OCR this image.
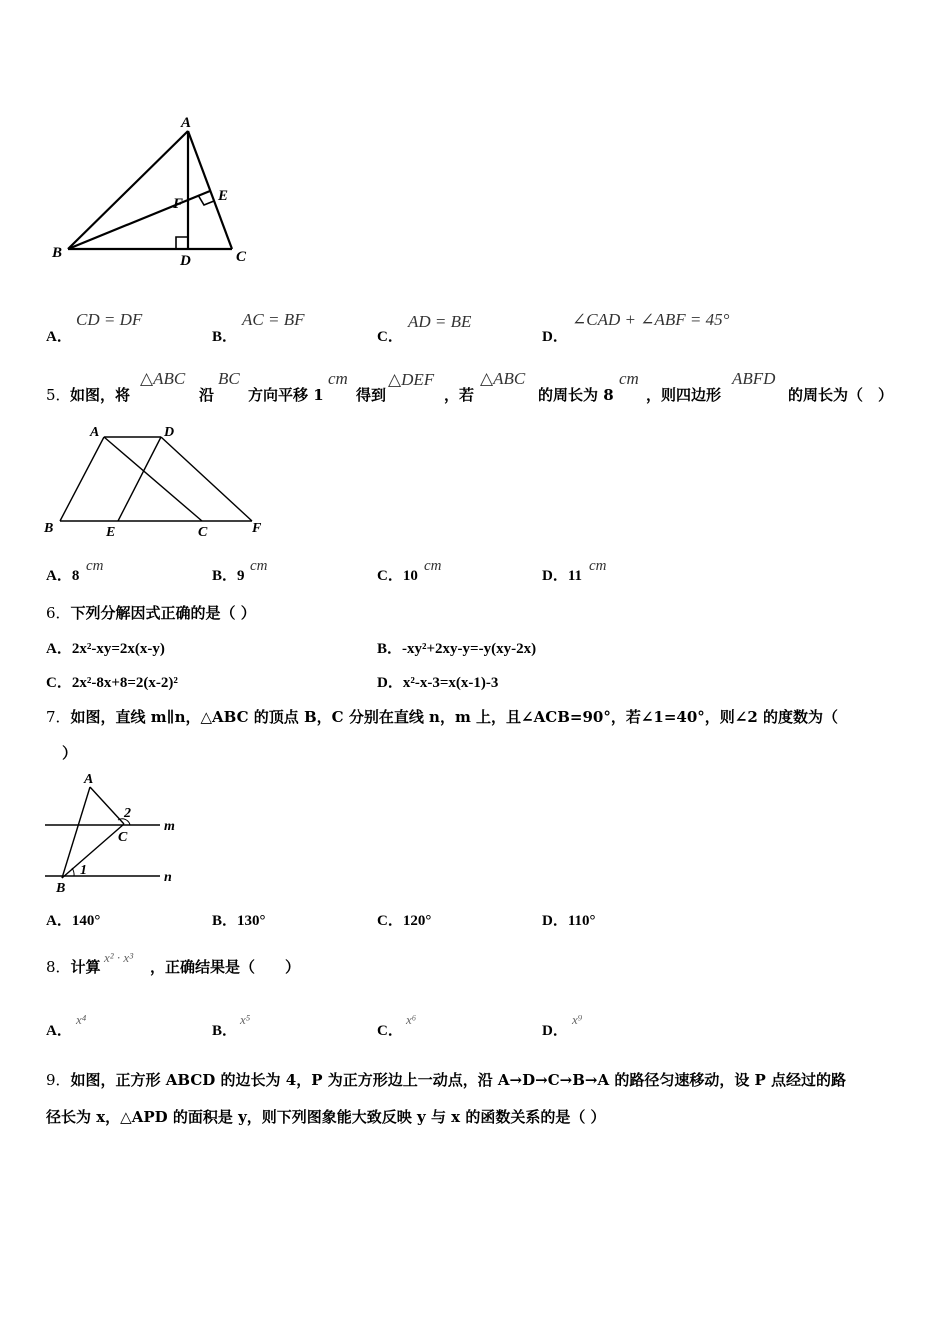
A
B	C
D
E
F
A．
CD = DF
B．
AC = BF
C．
AD = BE
D．
∠CAD + ∠ABF = 45°
5． 如图，将
△ABC
沿
BC
方向平移 1
cm
得到
△DEF
，若
△ABC
的周长为 8
cm
，则四边形
ABFD
的周长为（　）
A	D
B	E	C	F
A．8
cm
B．9
cm
C．10
cm
D．11
cm
6．下列分解因式正确的是（ ）
A．2x²-xy=2x(x-y)	B．-xy²+2xy-y=-y(xy-2x)
C．2x²-8x+8=2(x-2)²	D．x²-x-3=x(x-1)-3
7．如图，直线 m∥n，△ABC 的顶点 B，C 分别在直线 n，m 上，且∠ACB=90°，若∠1=40°，则∠2 的度数为（
）
A
2
C
m
B
1	n
A．140°	B．130°	C．120°	D．110°
8．计算
x² · x³
，正确结果是（　　）
A．
x⁴
B．
x⁵
C．
x⁶
D．
x⁹
9．如图，正方形 ABCD 的边长为 4，P 为正方形边上一动点，沿 A→D→C→B→A 的路径匀速移动，设 P 点经过的路
径长为 x，△APD 的面积是 y，则下列图象能大致反映 y 与 x 的函数关系的是（ ）
